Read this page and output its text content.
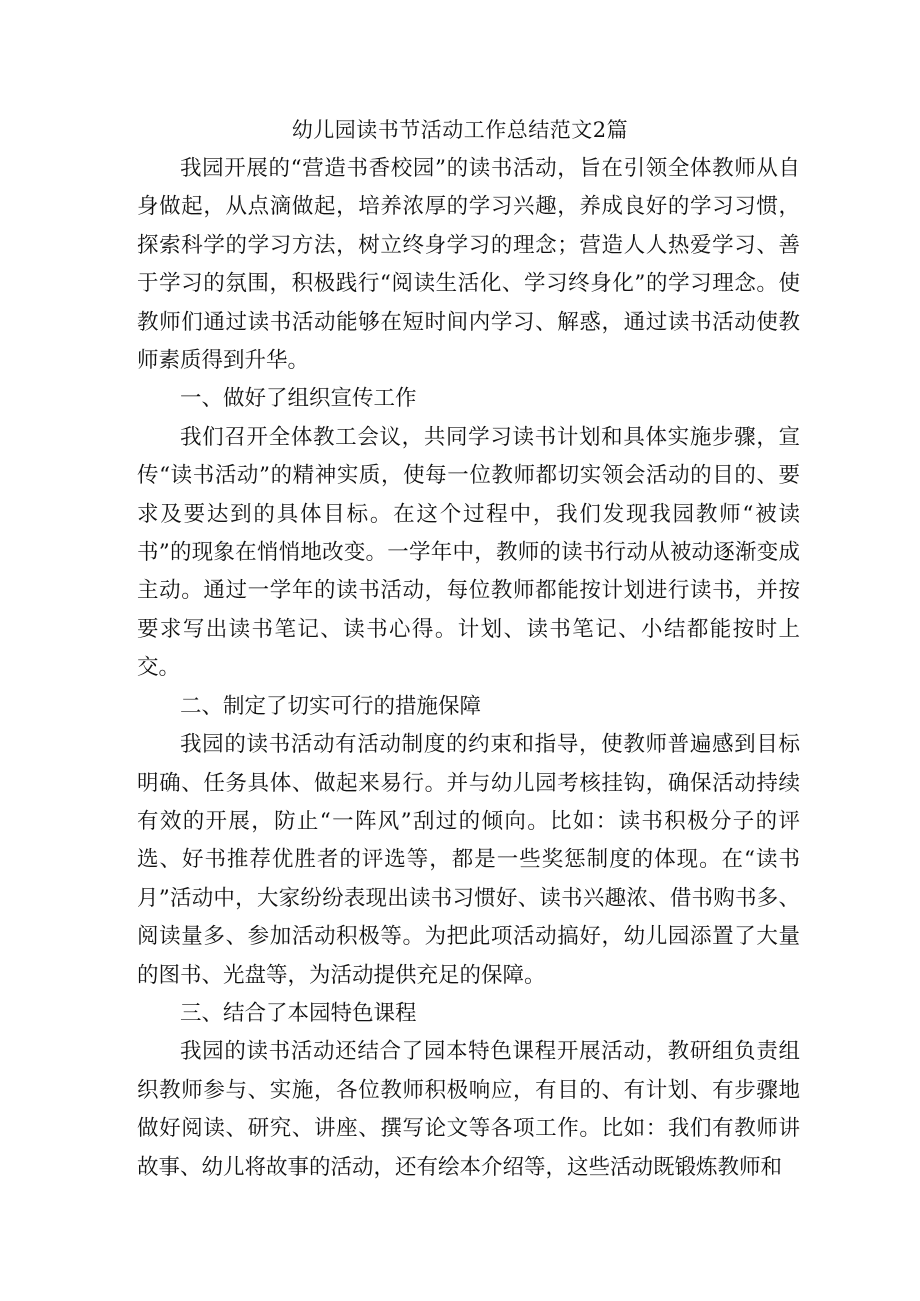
幼儿园读书节活动工作总结范文2篇

我园开展的“营造书香校园”的读书活动，旨在引领全体教师从自身做起，从点滴做起，培养浓厚的学习兴趣，养成良好的学习习惯，探索科学的学习方法，树立终身学习的理念；营造人人热爱学习、善于学习的氛围，积极践行“阅读生活化、学习终身化”的学习理念。使教师们通过读书活动能够在短时间内学习、解惑，通过读书活动使教师素质得到升华。

一、做好了组织宣传工作

我们召开全体教工会议，共同学习读书计划和具体实施步骤，宣传“读书活动”的精神实质，使每一位教师都切实领会活动的目的、要求及要达到的具体目标。在这个过程中，我们发现我园教师“被读书”的现象在悄悄地改变。一学年中，教师的读书行动从被动逐渐变成主动。通过一学年的读书活动，每位教师都能按计划进行读书，并按要求写出读书笔记、读书心得。计划、读书笔记、小结都能按时上交。

二、制定了切实可行的措施保障

我园的读书活动有活动制度的约束和指导，使教师普遍感到目标明确、任务具体、做起来易行。并与幼儿园考核挂钩，确保活动持续有效的开展，防止“一阵风”刮过的倾向。比如：读书积极分子的评选、好书推荐优胜者的评选等，都是一些奖惩制度的体现。在“读书月”活动中，大家纷纷表现出读书习惯好、读书兴趣浓、借书购书多、阅读量多、参加活动积极等。为把此项活动搞好，幼儿园添置了大量的图书、光盘等，为活动提供充足的保障。

三、结合了本园特色课程

我园的读书活动还结合了园本特色课程开展活动，教研组负责组织教师参与、实施，各位教师积极响应，有目的、有计划、有步骤地做好阅读、研究、讲座、撰写论文等各项工作。比如：我们有教师讲故事、幼儿将故事的活动，还有绘本介绍等，这些活动既锻炼教师和
